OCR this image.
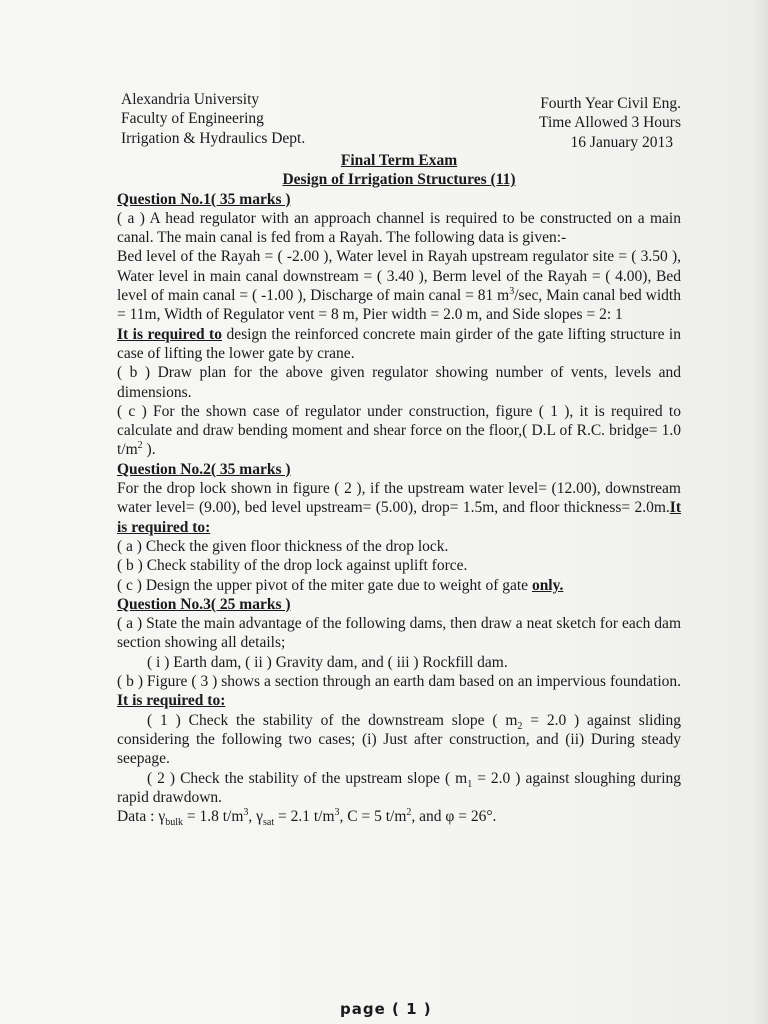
Alexandria University
Faculty of Engineering
Irrigation & Hydraulics Dept.
Fourth Year Civil Eng.
Time Allowed 3 Hours
16 January 2013
Final Term Exam
Design of Irrigation Structures (11)
Question No.1( 35 marks )
( a ) A head regulator with an approach channel is required to be constructed on a main canal. The main canal is fed from a Rayah. The following data is given:-
Bed level of the Rayah = ( -2.00 ), Water level in Rayah upstream regulator site = ( 3.50 ), Water level in main canal downstream = ( 3.40 ), Berm level of the Rayah = ( 4.00), Bed level of main canal = ( -1.00 ), Discharge of main canal = 81 $m^3/\sec$, Main canal bed width = 11m, Width of Regulator vent = 8 m, Pier width = 2.0 m, and Side slopes = 2: 1
It is required to design the reinforced concrete main girder of the gate lifting structure in case of lifting the lower gate by crane.
( b ) Draw plan for the above given regulator showing number of vents, levels and dimensions.
( c ) For the shown case of regulator under construction, figure ( 1 ), it is required to calculate and draw bending moment and shear force on the floor,( D.L of R.C. bridge= 1.0 $t/m^2$ ).
Question No.2( 35 marks )
For the drop lock shown in figure ( 2 ), if the upstream water level= (12.00), downstream water level= (9.00), bed level upstream= (5.00), drop= 1.5m, and floor thickness= 2.0m.It is required to:
( a ) Check the given floor thickness of the drop lock.
( b ) Check stability of the drop lock against uplift force.
( c ) Design the upper pivot of the miter gate due to weight of gate only.
Question No.3( 25 marks )
( a ) State the main advantage of the following dams, then draw a neat sketch for each dam section showing all details;
( i ) Earth dam, ( ii ) Gravity dam, and ( iii ) Rockfill dam.
( b ) Figure ( 3 ) shows a section through an earth dam based on an impervious foundation. It is required to:
( 1 ) Check the stability of the downstream slope ( $m_2 = 2.0$ ) against sliding considering the following two cases; (i) Just after construction, and (ii) During steady seepage.
( 2 ) Check the stability of the upstream slope ( $m_1 = 2.0$ ) against sloughing during rapid drawdown.
Data : $\gamma_{bulk} = 1.8$ $t/m^3$, $\gamma_{sat} = 2.1$ $t/m^3$, C = 5 $t/m^2$, and φ = 26°.
page ( 1 )
